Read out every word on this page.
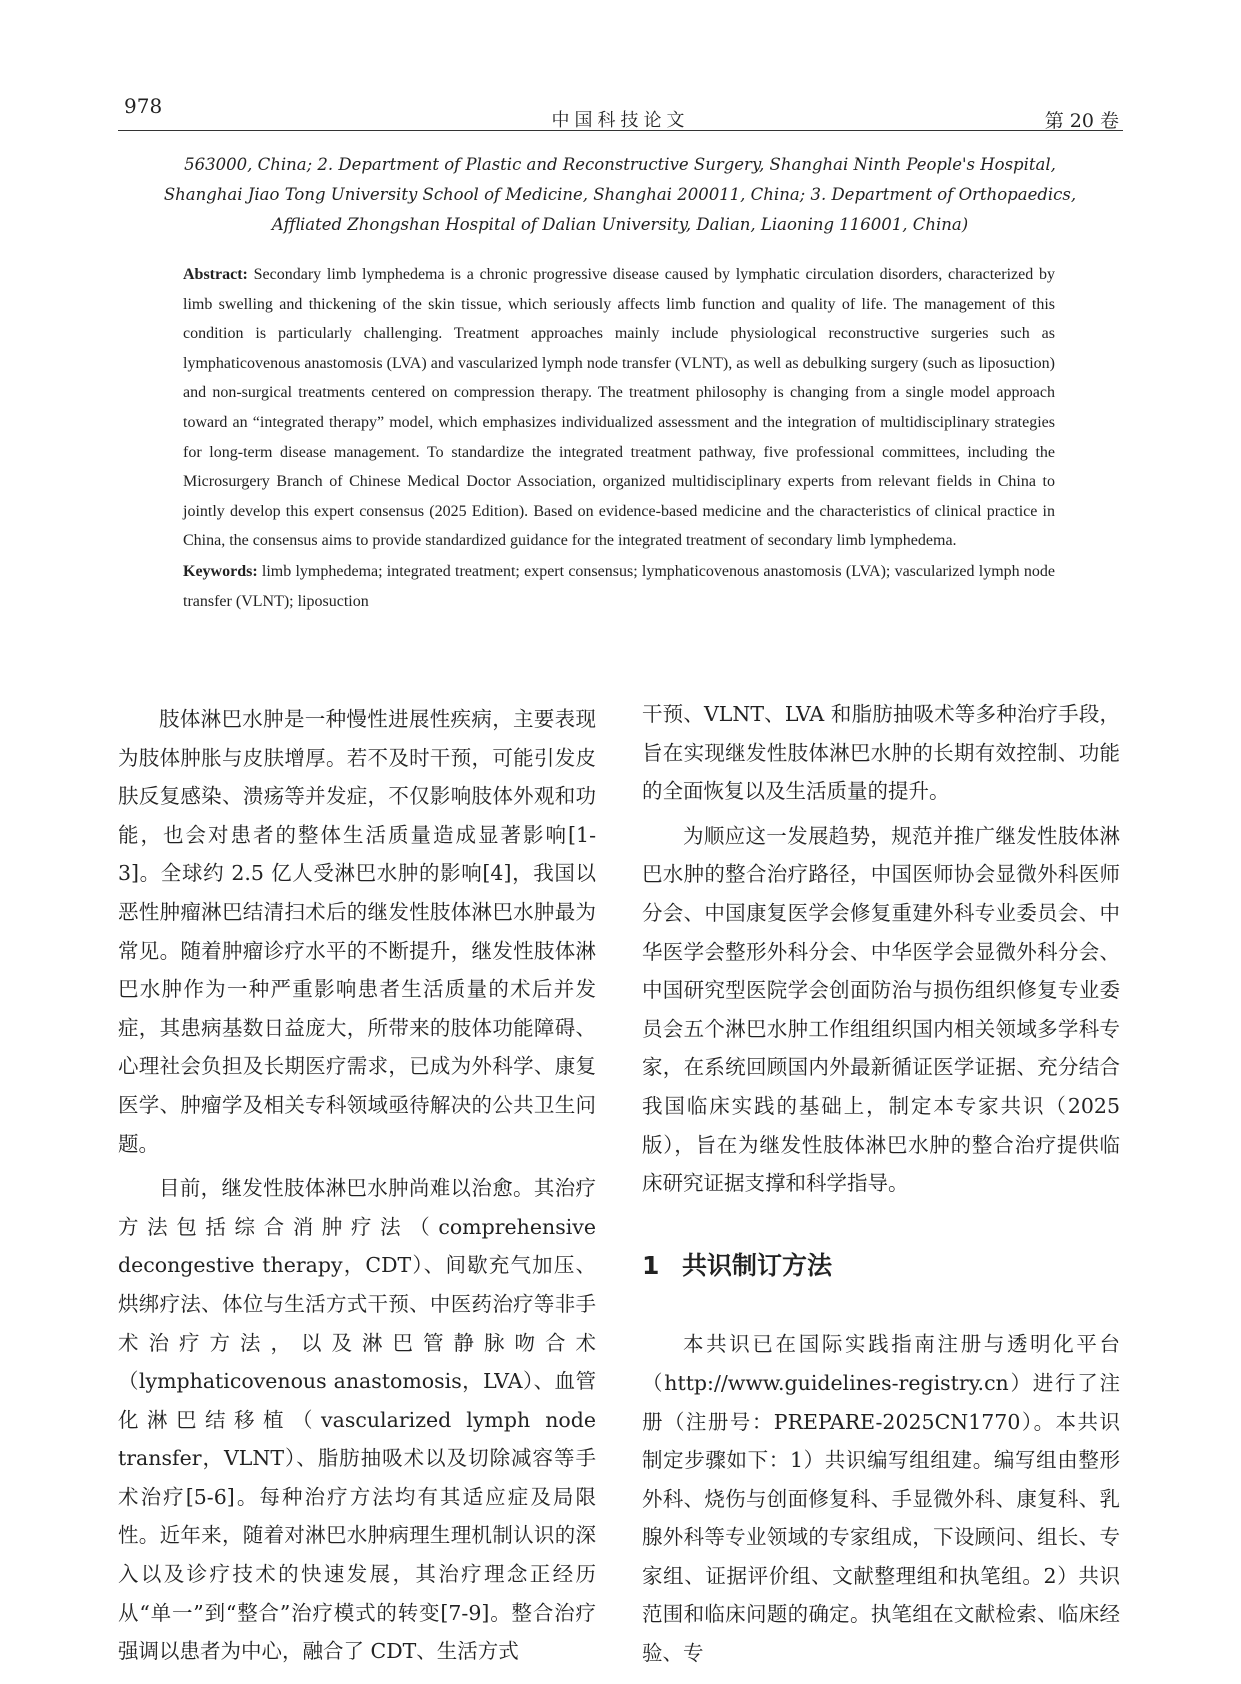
978
中国科技论文	第 20 卷
563000, China; 2. Department of Plastic and Reconstructive Surgery, Shanghai Ninth People's Hospital,
Shanghai Jiao Tong University School of Medicine, Shanghai 200011, China; 3. Department of Orthopaedics,
Affliated Zhongshan Hospital of Dalian University, Dalian, Liaoning 116001, China)
Abstract: Secondary limb lymphedema is a chronic progressive disease caused by lymphatic circulation disorders, characterized by limb swelling and thickening of the skin tissue, which seriously affects limb function and quality of life. The management of this condition is particularly challenging. Treatment approaches mainly include physiological reconstructive surgeries such as lymphaticovenous anastomosis (LVA) and vascularized lymph node transfer (VLNT), as well as debulking surgery (such as liposuction) and non-surgical treatments centered on compression therapy. The treatment philosophy is changing from a single model approach toward an “integrated therapy” model, which emphasizes individualized assessment and the integration of multidisciplinary strategies for long-term disease management. To standardize the integrated treatment pathway, five professional committees, including the Microsurgery Branch of Chinese Medical Doctor Association, organized multidisciplinary experts from relevant fields in China to jointly develop this expert consensus (2025 Edition). Based on evidence-based medicine and the characteristics of clinical practice in China, the consensus aims to provide standardized guidance for the integrated treatment of secondary limb lymphedema.
Keywords: limb lymphedema; integrated treatment; expert consensus; lymphaticovenous anastomosis (LVA); vascularized lymph node transfer (VLNT); liposuction

肢体淋巴水肿是一种慢性进展性疾病，主要表现为肢体肿胀与皮肤增厚。若不及时干预，可能引发皮肤反复感染、溃疡等并发症，不仅影响肢体外观和功能，也会对患者的整体生活质量造成显著影响[1-3]。全球约 2.5 亿人受淋巴水肿的影响[4]，我国以恶性肿瘤淋巴结清扫术后的继发性肢体淋巴水肿最为常见。随着肿瘤诊疗水平的不断提升，继发性肢体淋巴水肿作为一种严重影响患者生活质量的术后并发症，其患病基数日益庞大，所带来的肢体功能障碍、心理社会负担及长期医疗需求，已成为外科学、康复医学、肿瘤学及相关专科领域亟待解决的公共卫生问题。

目前，继发性肢体淋巴水肿尚难以治愈。其治疗方法包括综合消肿疗法（comprehensive decongestive therapy，CDT）、间歇充气加压、烘绑疗法、体位与生活方式干预、中医药治疗等非手术治疗方法，以及淋巴管静脉吻合术（lymphaticovenous anastomosis，LVA）、血管化淋巴结移植（vascularized lymph node transfer，VLNT）、脂肪抽吸术以及切除减容等手术治疗[5-6]。每种治疗方法均有其适应症及局限性。近年来，随着对淋巴水肿病理生理机制认识的深入以及诊疗技术的快速发展，其治疗理念正经历从“单一”到“整合”治疗模式的转变[7-9]。整合治疗强调以患者为中心，融合了 CDT、生活方式

干预、VLNT、LVA 和脂肪抽吸术等多种治疗手段，旨在实现继发性肢体淋巴水肿的长期有效控制、功能的全面恢复以及生活质量的提升。

为顺应这一发展趋势，规范并推广继发性肢体淋巴水肿的整合治疗路径，中国医师协会显微外科医师分会、中国康复医学会修复重建外科专业委员会、中华医学会整形外科分会、中华医学会显微外科分会、中国研究型医院学会创面防治与损伤组织修复专业委员会五个淋巴水肿工作组组织国内相关领域多学科专家，在系统回顾国内外最新循证医学证据、充分结合我国临床实践的基础上，制定本专家共识（2025 版），旨在为继发性肢体淋巴水肿的整合治疗提供临床研究证据支撑和科学指导。

1 共识制订方法

本共识已在国际实践指南注册与透明化平台（http://www.guidelines-registry.cn）进行了注册（注册号：PREPARE-2025CN1770）。本共识制定步骤如下：1）共识编写组组建。编写组由整形外科、烧伤与创面修复科、手显微外科、康复科、乳腺外科等专业领域的专家组成，下设顾问、组长、专家组、证据评价组、文献整理组和执笔组。2）共识范围和临床问题的确定。执笔组在文献检索、临床经验、专
